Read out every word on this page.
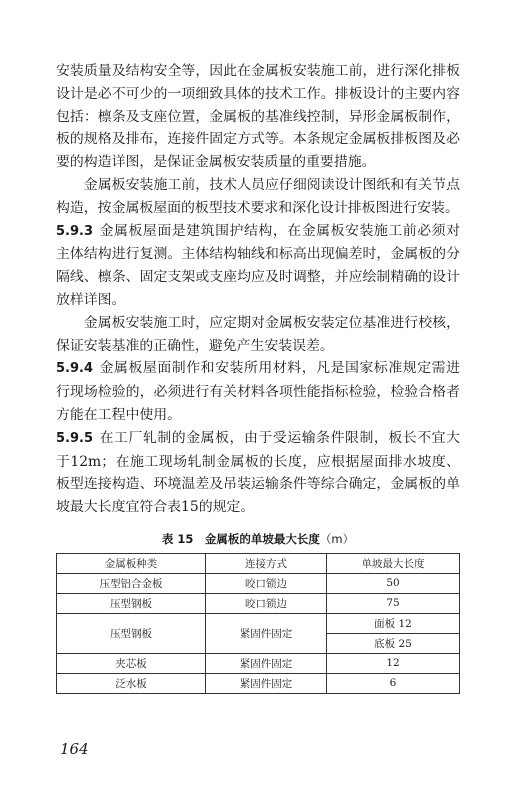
安装质量及结构安全等，因此在金属板安装施工前，进行深化排板设计是必不可少的一项细致具体的技术工作。排板设计的主要内容包括：檩条及支座位置，金属板的基准线控制，异形金属板制作，板的规格及排布，连接件固定方式等。本条规定金属板排板图及必要的构造详图，是保证金属板安装质量的重要措施。

金属板安装施工前，技术人员应仔细阅读设计图纸和有关节点构造，按金属板屋面的板型技术要求和深化设计排板图进行安装。

5.9.3 金属板屋面是建筑围护结构，在金属板安装施工前必须对主体结构进行复测。主体结构轴线和标高出现偏差时，金属板的分隔线、檩条、固定支架或支座均应及时调整，并应绘制精确的设计放样详图。

金属板安装施工时，应定期对金属板安装定位基准进行校核，保证安装基准的正确性，避免产生安装误差。

5.9.4 金属板屋面制作和安装所用材料，凡是国家标准规定需进行现场检验的，必须进行有关材料各项性能指标检验，检验合格者方能在工程中使用。

5.9.5 在工厂轧制的金属板，由于受运输条件限制，板长不宜大于12m；在施工现场轧制金属板的长度，应根据屋面排水坡度、板型连接构造、环境温差及吊装运输条件等综合确定，金属板的单坡最大长度宜符合表15的规定。

表 15　金属板的单坡最大长度（m）
金属板种类	连接方式	单坡最大长度
压型铝合金板	咬口锁边	50
压型钢板	咬口锁边	75
压型钢板	紧固件固定	面板 12
		底板 25
夹芯板	紧固件固定	12
泛水板	紧固件固定	6
164
